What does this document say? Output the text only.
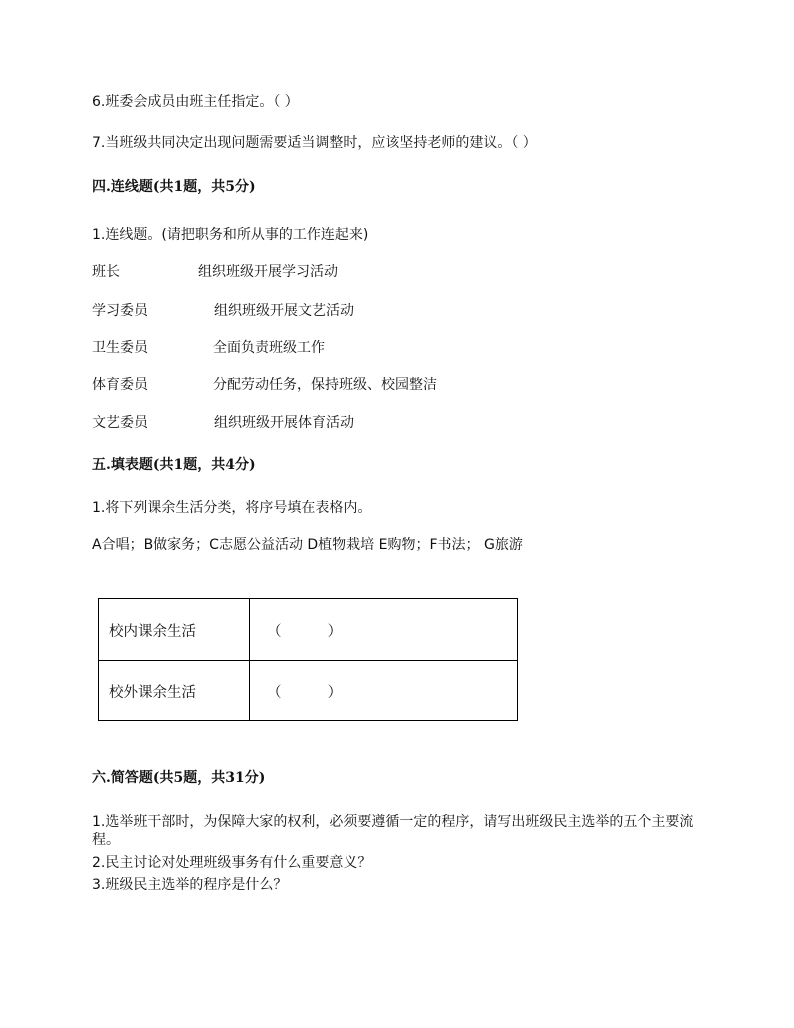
6.班委会成员由班主任指定。（ ）
7.当班级共同决定出现问题需要适当调整时，应该坚持老师的建议。（ ）
四.连线题(共1题，共5分)
1.连线题。(请把职务和所从事的工作连起来)
班长	组织班级开展学习活动
学习委员	组织班级开展文艺活动
卫生委员	全面负责班级工作
体育委员	分配劳动任务，保持班级、校园整洁
文艺委员	组织班级开展体育活动
五.填表题(共1题，共4分)
1.将下列课余生活分类，将序号填在表格内。
A合唱；B做家务；C志愿公益活动 D植物栽培 E购物；F书法； G旅游
校内课余生活	（          ）
校外课余生活	（          ）
六.简答题(共5题，共31分)
1.选举班干部时，为保障大家的权利，必须要遵循一定的程序，请写出班级民主选举的五个主要流程。
2.民主讨论对处理班级事务有什么重要意义？
3.班级民主选举的程序是什么？
